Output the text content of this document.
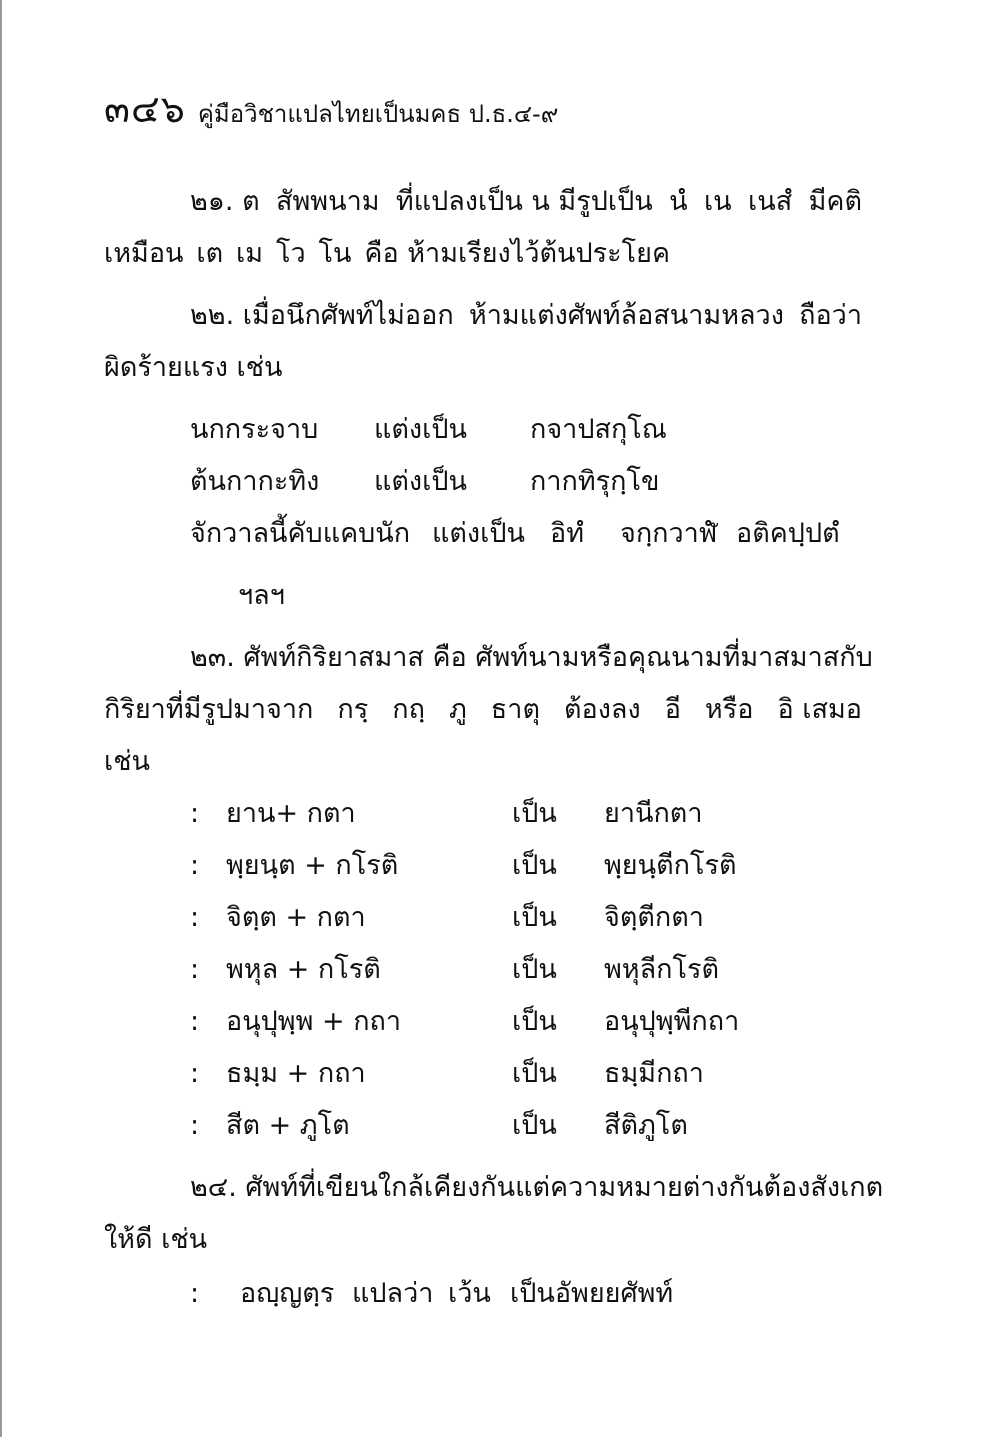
๓๔๖ คู่มือวิชาแปลไทยเป็นมคธ ป.ธ.๔-๙
๒๑. ต สัพพนาม ที่แปลงเป็น น มีรูปเป็น นํ เน เนสํ มีคติ
เหมือน เต เม โว โน คือ ห้ามเรียงไว้ต้นประโยค
๒๒. เมื่อนึกศัพท์ไม่ออก ห้ามแต่งศัพท์ล้อสนามหลวง ถือว่า
ผิดร้ายแรง เช่น
นกกระจาบ แต่งเป็น กจาปสกุโณ
ต้นกากะทิง แต่งเป็น กากทิรุกฺโข
จักวาลนี้คับแคบนัก แต่งเป็น อิทํ จกฺกวาฬํ อติคปฺปตํ
ฯลฯ
๒๓. ศัพท์กิริยาสมาส คือ ศัพท์นาม หรือคุณนามที่มาสมาสกับ
กิริยาที่มีรูปมาจาก กรฺ กถฺ ภู ธาตุ ต้องลง อี หรือ อิ เสมอ
เช่น
: ยาน+ กตา	เป็น ยานีกตา
: พฺยนฺต + กโรติ	เป็น พฺยนฺตีกโรติ
: จิตฺต + กตา	เป็น จิตฺตีกตา
: พหุล + กโรติ	เป็น พหุลีกโรติ
: อนุปุพฺพ + กถา	เป็น อนุปุพฺพีกถา
: ธมฺม + กถา	เป็น ธมฺมีกถา
: สีต + ภูโต	เป็น สีติภูโต
๒๔. ศัพท์ที่เขียนใกล้เคียงกัน แต่ความหมายต่างกัน ต้องสังเกต
ให้ดี เช่น
: อญฺญตฺร แปลว่า เว้น เป็นอัพยยศัพท์
